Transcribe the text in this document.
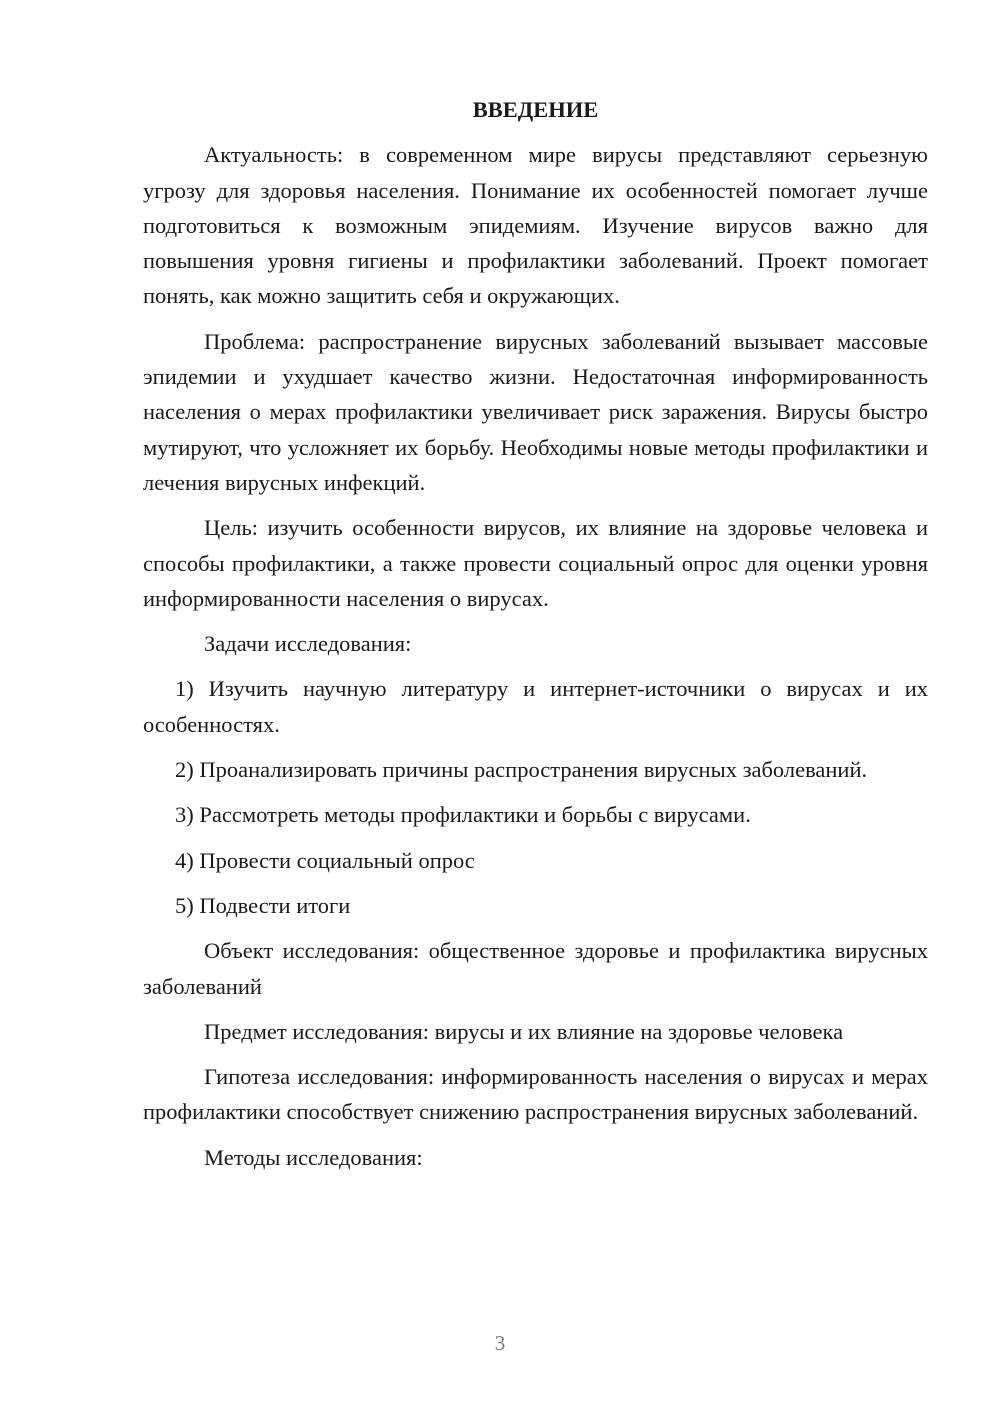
ВВЕДЕНИЕ
Актуальность: в современном мире вирусы представляют серьезную угрозу для здоровья населения. Понимание их особенностей помогает лучше подготовиться к возможным эпидемиям. Изучение вирусов важно для повышения уровня гигиены и профилактики заболеваний. Проект помогает понять, как можно защитить себя и окружающих.
Проблема: распространение вирусных заболеваний вызывает массовые эпидемии и ухудшает качество жизни. Недостаточная информированность населения о мерах профилактики увеличивает риск заражения. Вирусы быстро мутируют, что усложняет их борьбу. Необходимы новые методы профилактики и лечения вирусных инфекций.
Цель: изучить особенности вирусов, их влияние на здоровье человека и способы профилактики, а также провести социальный опрос для оценки уровня информированности населения о вирусах.
Задачи исследования:
1) Изучить научную литературу и интернет-источники о вирусах и их особенностях.
2) Проанализировать причины распространения вирусных заболеваний.
3) Рассмотреть методы профилактики и борьбы с вирусами.
4) Провести социальный опрос
5) Подвести итоги
Объект исследования: общественное здоровье и профилактика вирусных заболеваний
Предмет исследования: вирусы и их влияние на здоровье человека
Гипотеза исследования: информированность населения о вирусах и мерах профилактики способствует снижению распространения вирусных заболеваний.
Методы исследования:
3
